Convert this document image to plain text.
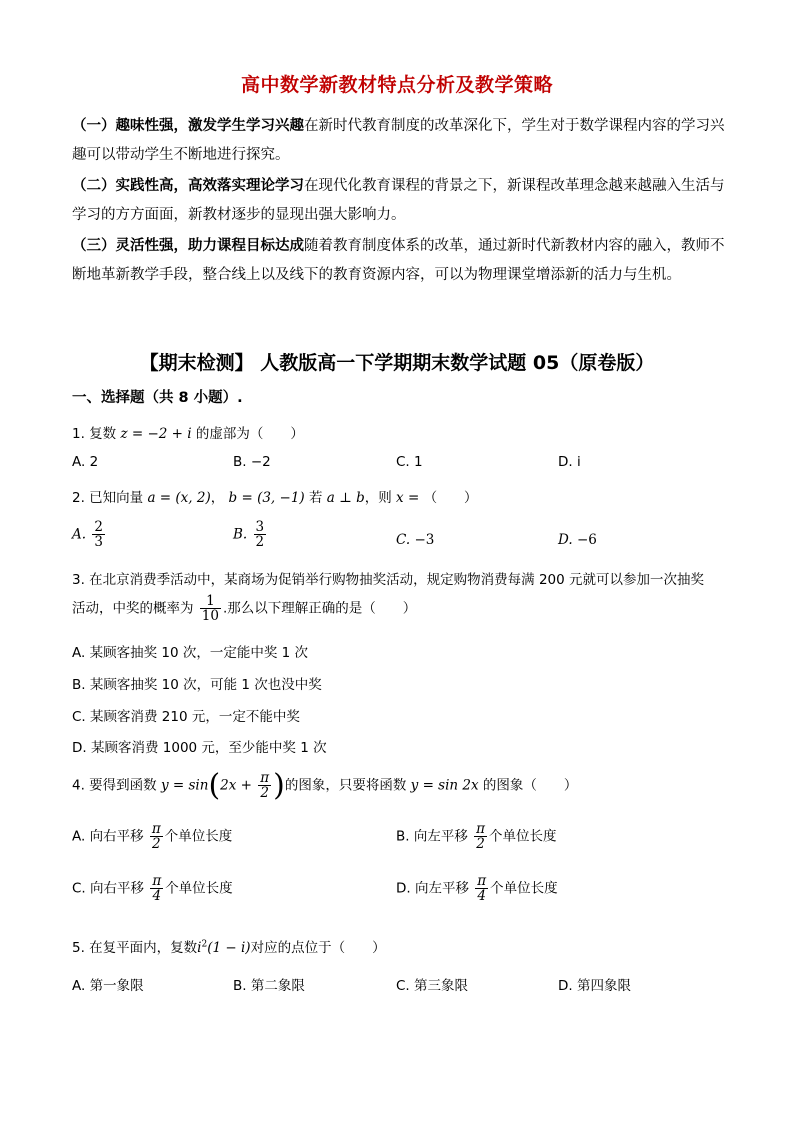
高中数学新教材特点分析及教学策略
（一）趣味性强，激发学生学习兴趣在新时代教育制度的改革深化下，学生对于数学课程内容的学习兴趣可以带动学生不断地进行探究。
（二）实践性高，高效落实理论学习在现代化教育课程的背景之下，新课程改革理念越来越融入生活与学习的方方面面，新教材逐步的显现出强大影响力。
（三）灵活性强，助力课程目标达成随着教育制度体系的改革，通过新时代新教材内容的融入，教师不断地革新教学手段，整合线上以及线下的教育资源内容，可以为物理课堂增添新的活力与生机。
【期末检测】 人教版高一下学期期末数学试题 05（原卷版）
一、选择题（共 8 小题）.
1. 复数 z = −2 + i 的虚部为（　　）
A. 2	B. −2	C. 1	D. i
2. 已知向量 a = (x, 2)， b = (3, −1) 若 a ⊥ b，则 x = （　　）
A. $\frac{2}{3}$	B. $\frac{3}{2}$	C. −3	D. −6
3. 在北京消费季活动中，某商场为促销举行购物抽奖活动，规定购物消费每满 200 元就可以参加一次抽奖
活动，中奖的概率为 $\frac{1}{10}$ .那么以下理解正确的是（　　）
A. 某顾客抽奖 10 次，一定能中奖 1 次
B. 某顾客抽奖 10 次，可能 1 次也没中奖
C. 某顾客消费 210 元，一定不能中奖
D. 某顾客消费 1000 元，至少能中奖 1 次
4. 要得到函数 $y = \sin(2x + \frac{\pi}{2}$ )的图象，只要将函数 y = sin 2x 的图象（　　）
A. 向右平移 $\frac{\pi}{2}$ 个单位长度	B. 向左平移 $\frac{\pi}{2}$ 个单位长度
C. 向右平移 $\frac{\pi}{4}$ 个单位长度	D. 向左平移 $\frac{\pi}{4}$ 个单位长度
5. 在复平面内，复数$i^2(1 - i)$对应的点位于（　　）
A. 第一象限	B. 第二象限	C. 第三象限	D. 第四象限
